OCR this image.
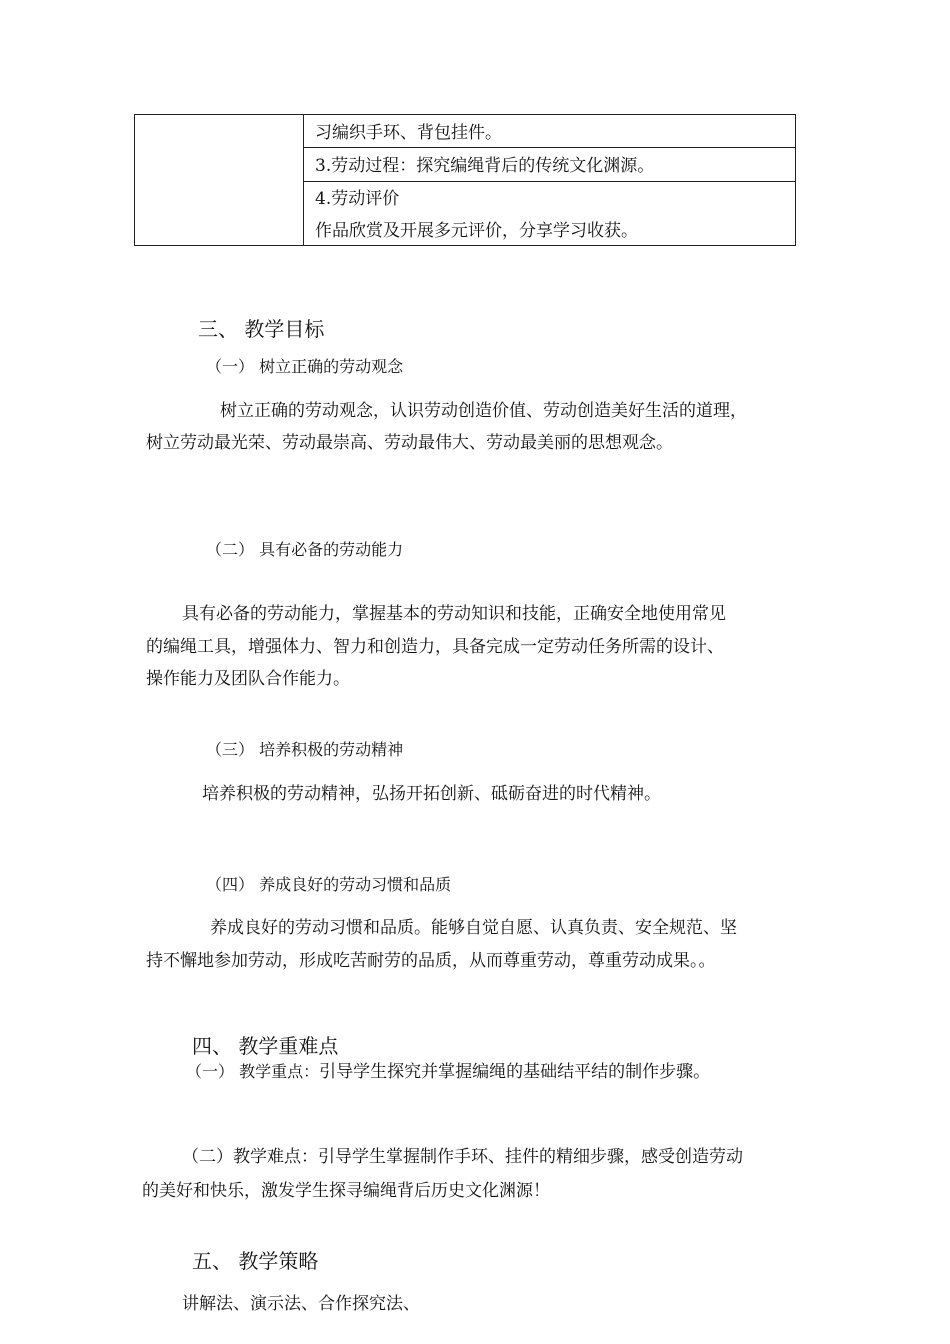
习编织手环、背包挂件。
3.劳动过程：探究编绳背后的传统文化渊源。
4.劳动评价
作品欣赏及开展多元评价，分享学习收获。
三、 教学目标
（一） 树立正确的劳动观念
树立正确的劳动观念，认识劳动创造价值、劳动创造美好生活的道理，
树立劳动最光荣、劳动最崇高、劳动最伟大、劳动最美丽的思想观念。
（二） 具有必备的劳动能力
具有必备的劳动能力，掌握基本的劳动知识和技能，正确安全地使用常见
的编绳工具，增强体力、智力和创造力，具备完成一定劳动任务所需的设计、
操作能力及团队合作能力。
（三） 培养积极的劳动精神
培养积极的劳动精神，弘扬开拓创新、砥砺奋进的时代精神。
（四） 养成良好的劳动习惯和品质
养成良好的劳动习惯和品质。能够自觉自愿、认真负责、安全规范、坚
持不懈地参加劳动，形成吃苦耐劳的品质，从而尊重劳动，尊重劳动成果。。
四、 教学重难点
（一） 教学重点：引导学生探究并掌握编绳的基础结平结的制作步骤。
（二）教学难点：引导学生掌握制作手环、挂件的精细步骤，感受创造劳动
的美好和快乐，激发学生探寻编绳背后历史文化渊源！
五、 教学策略
讲解法、演示法、合作探究法、
